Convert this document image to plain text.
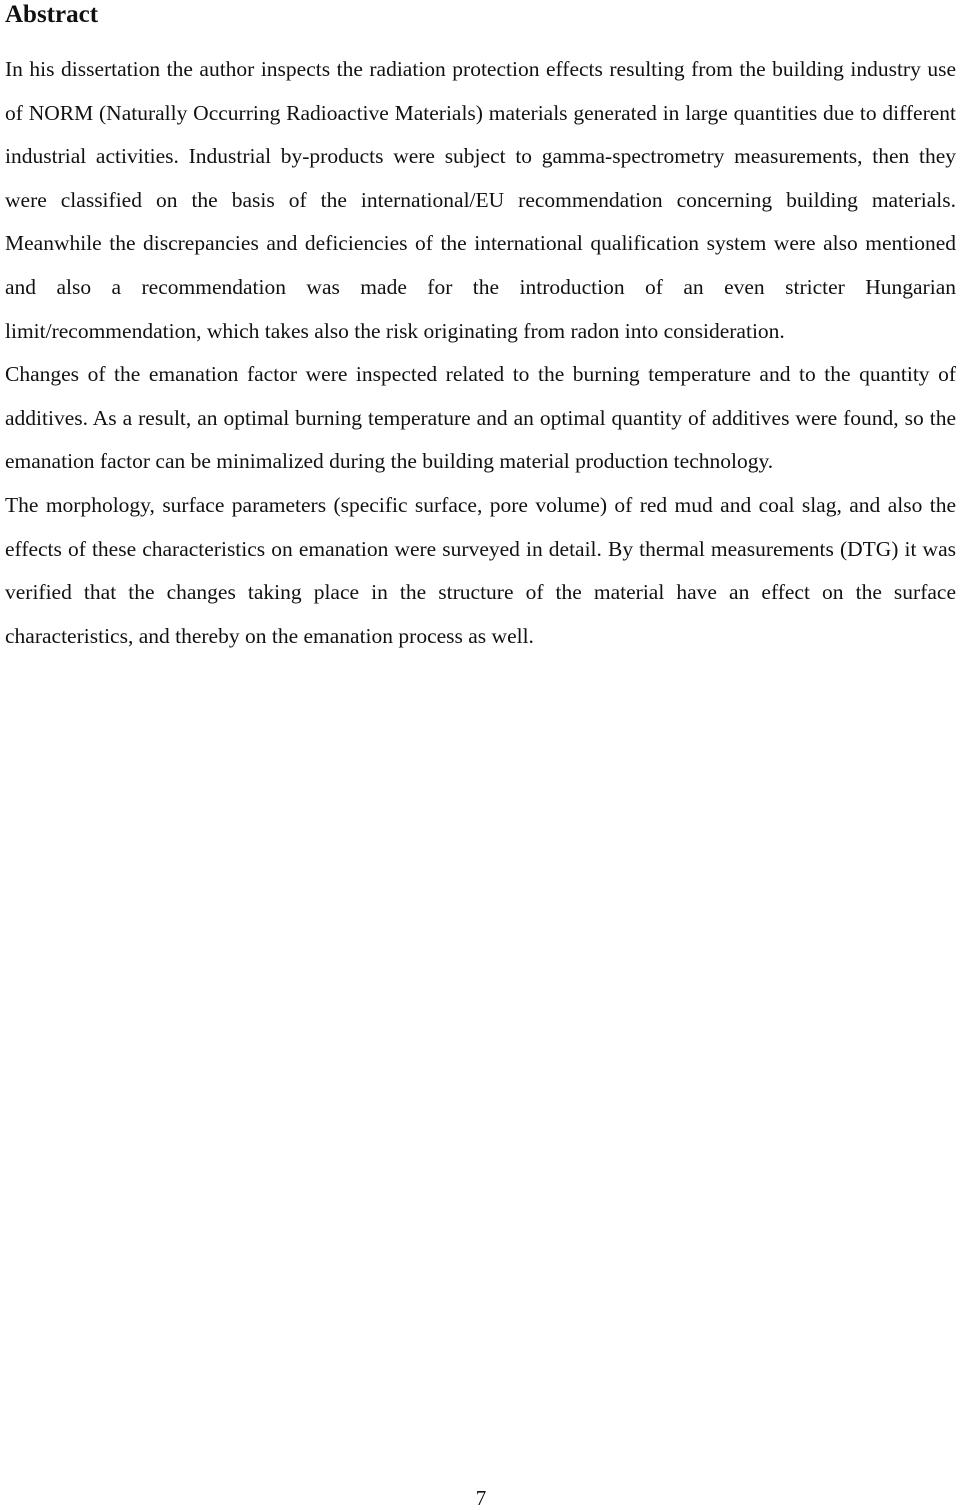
Abstract

In his dissertation the author inspects the radiation protection effects resulting from the building industry use of NORM (Naturally Occurring Radioactive Materials) materials generated in large quantities due to different industrial activities. Industrial by-products were subject to gamma-spectrometry measurements, then they were classified on the basis of the international/EU recommendation concerning building materials. Meanwhile the discrepancies and deficiencies of the international qualification system were also mentioned and also a recommendation was made for the introduction of an even stricter Hungarian limit/recommendation, which takes also the risk originating from radon into consideration.

Changes of the emanation factor were inspected related to the burning temperature and to the quantity of additives. As a result, an optimal burning temperature and an optimal quantity of additives were found, so the emanation factor can be minimalized during the building material production technology.

The morphology, surface parameters (specific surface, pore volume) of red mud and coal slag, and also the effects of these characteristics on emanation were surveyed in detail. By thermal measurements (DTG) it was verified that the changes taking place in the structure of the material have an effect on the surface characteristics, and thereby on the emanation process as well.

7
